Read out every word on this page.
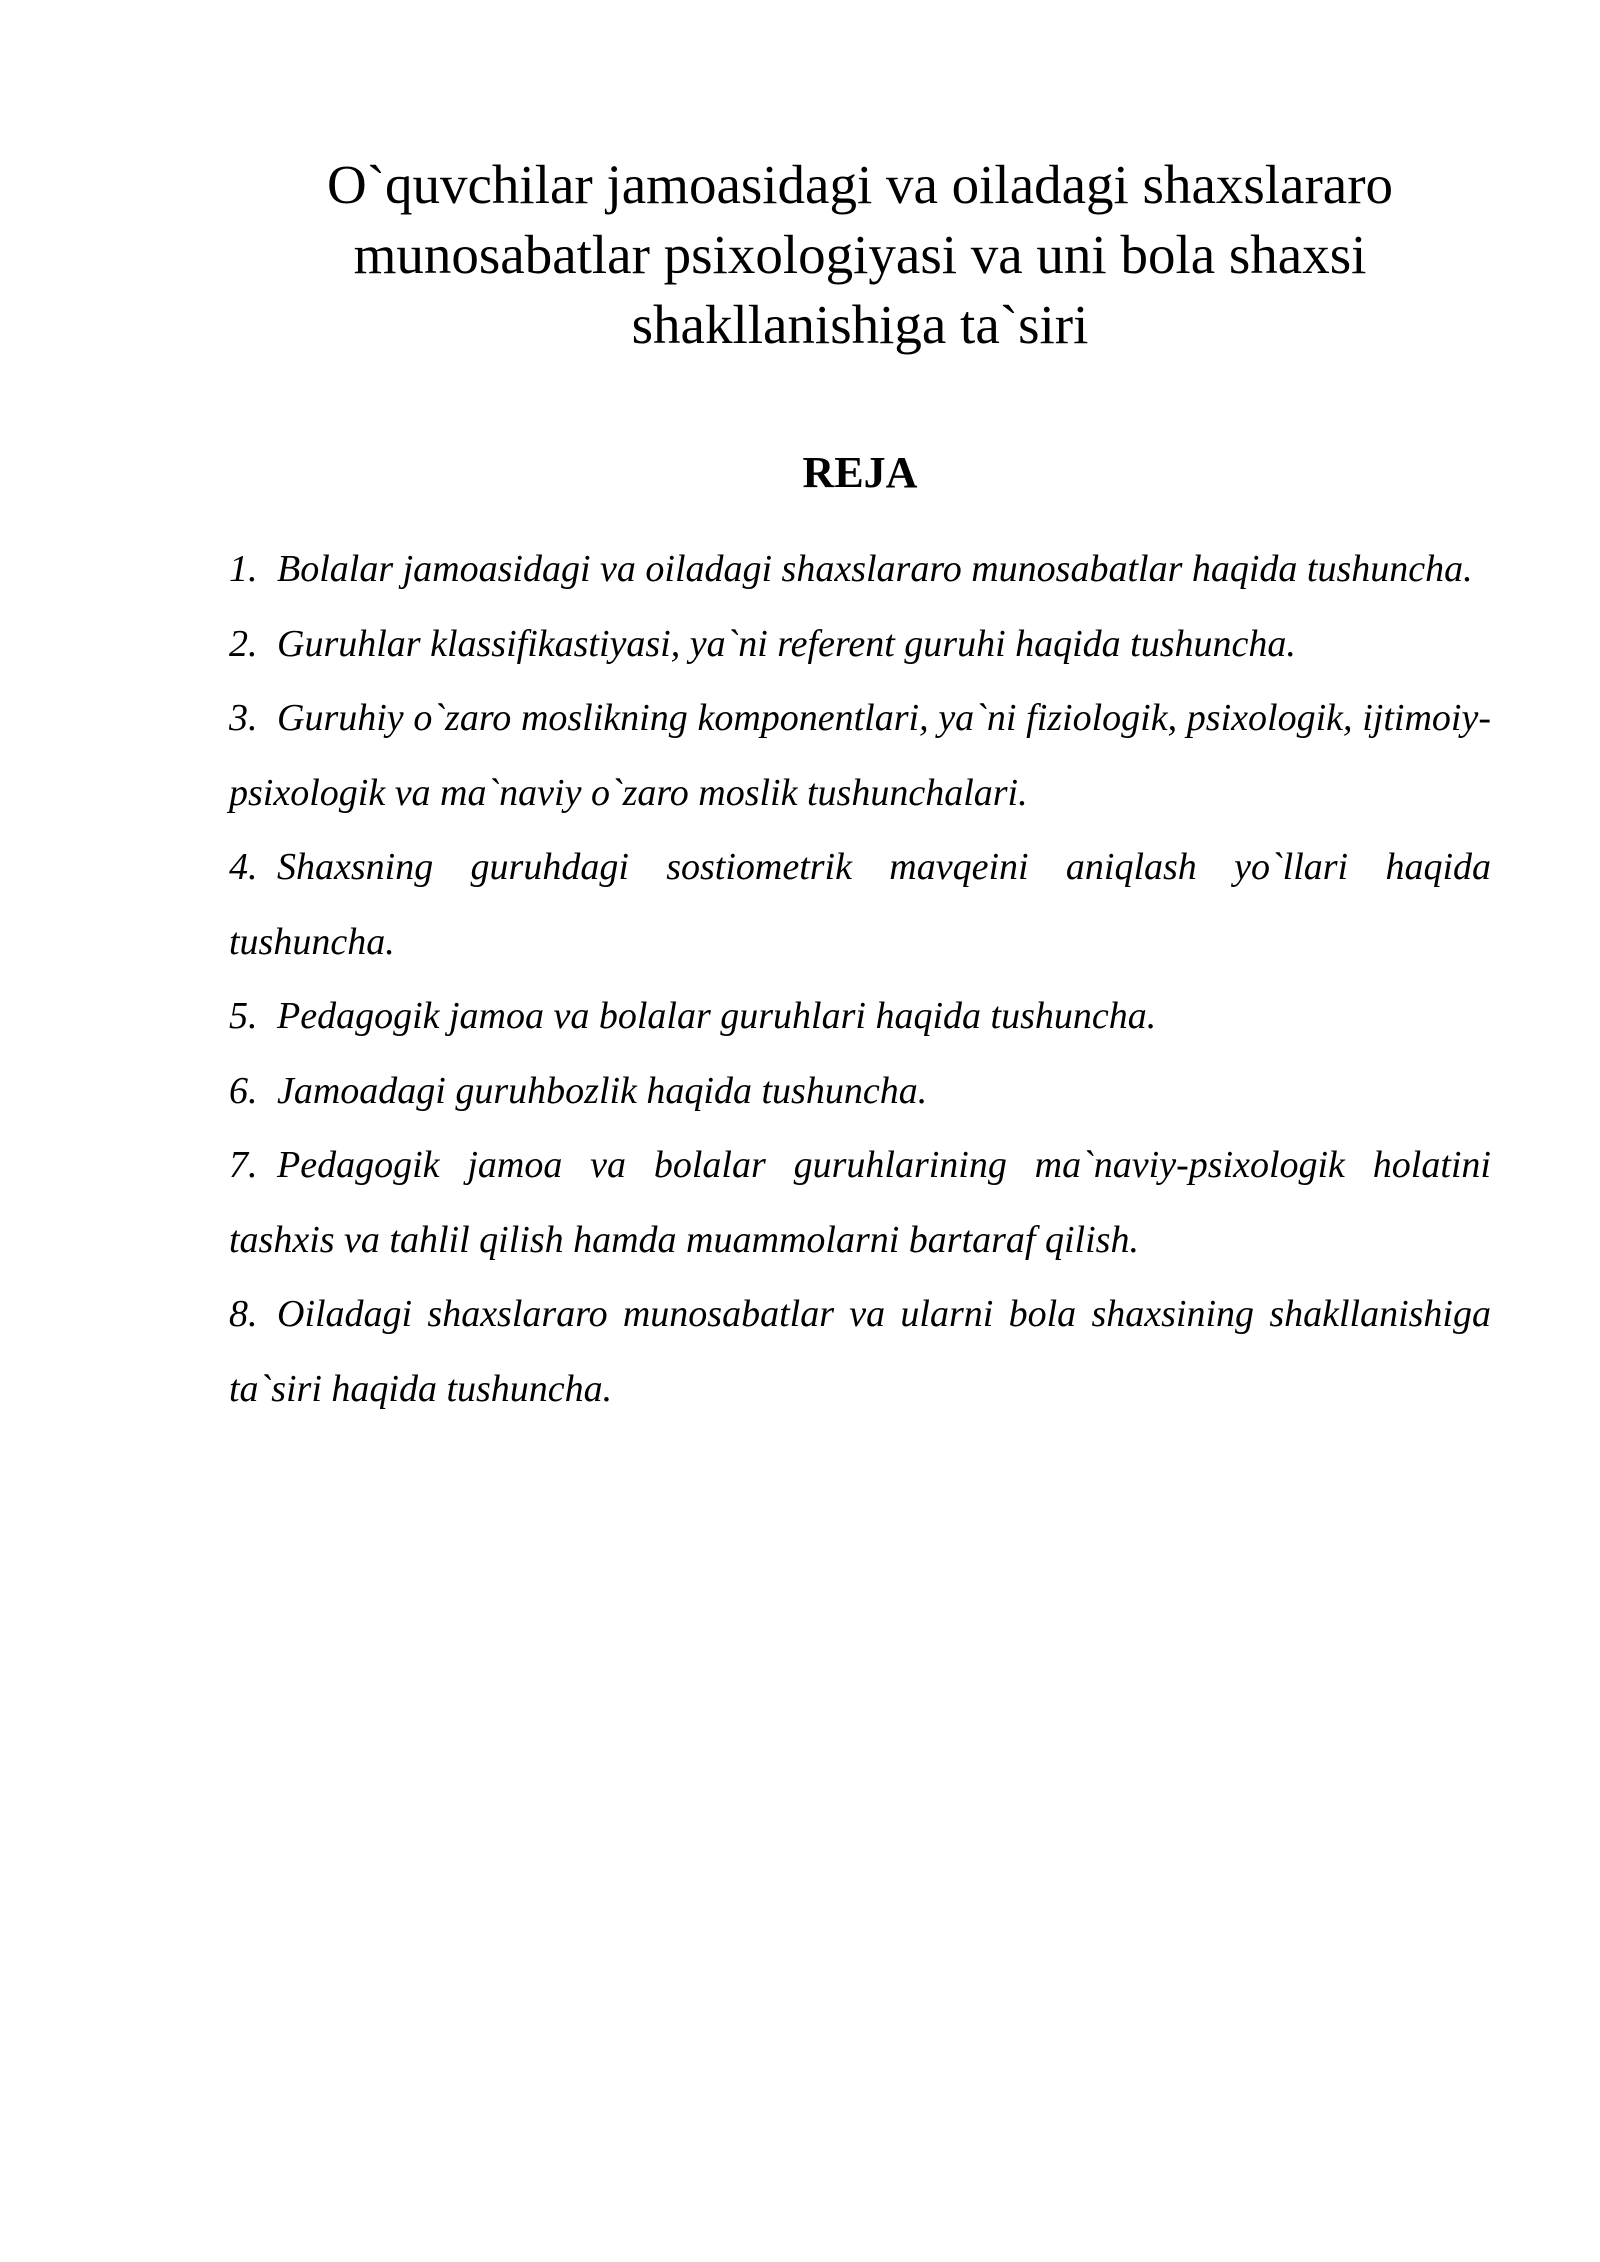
O`quvchilar jamoasidagi va oiladagi shaxslararo munosabatlar psixologiyasi va uni bola shaxsi shakllanishiga ta`siri
REJA
1. Bolalar jamoasidagi va oiladagi shaxslararo munosabatlar haqida tushuncha.
2. Guruhlar klassifikastiyasi, ya`ni referent guruhi haqida tushuncha.
3. Guruhiy o`zaro moslikning komponentlari, ya`ni fiziologik, psixologik, ijtimoiy-psixologik va ma`naviy o`zaro moslik tushunchalari.
4. Shaxsning guruhdagi sostiometrik mavqeini aniqlash yo`llari haqida tushuncha.
5. Pedagogik jamoa va bolalar guruhlari haqida tushuncha.
6. Jamoadagi guruhbozlik haqida tushuncha.
7. Pedagogik jamoa va bolalar guruhlarining ma`naviy-psixologik holatini tashxis va tahlil qilish hamda muammolarni bartaraf qilish.
8. Oiladagi shaxslararo munosabatlar va ularni bola shaxsining shakllanishiga ta`siri haqida tushuncha.
